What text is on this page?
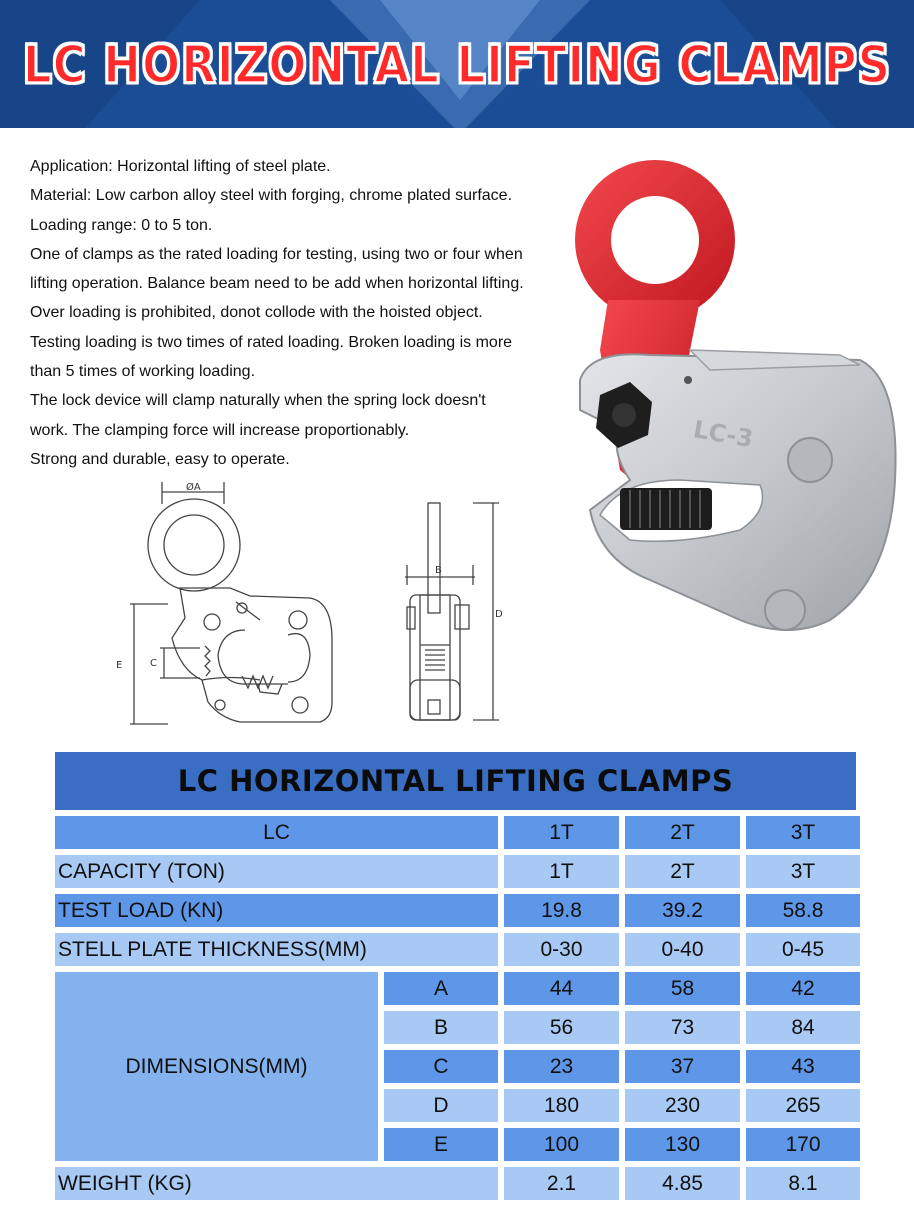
LC HORIZONTAL LIFTING CLAMPS

Application: Horizontal lifting of steel plate.

Material: Low carbon alloy steel with forging, chrome plated surface.

Loading range: 0 to 5 ton.

One of clamps as the rated loading for testing, using two or four when

lifting operation. Balance beam need to be add when horizontal lifting.

Over loading is prohibited, donot collode with the hoisted object.

Testing loading is two times of rated loading. Broken loading is more

than 5 times of working loading.

The lock device will clamp naturally when the spring lock doesn't

work. The clamping force will increase proportionably.

Strong and durable, easy to operate.

ØA
E	C
B
D
LC-3
LC HORIZONTAL LIFTING CLAMPS
LC	1T	2T	3T
CAPACITY (TON)	1T	2T	3T
TEST LOAD (KN)	19.8	39.2	58.8
STELL PLATE THICKNESS(MM)	0-30	0-40	0-45
DIMENSIONS(MM)
A	44	58	42
B	56	73	84
C	23	37	43
D	180	230	265
E	100	130	170
WEIGHT (KG)	2.1	4.85	8.1
